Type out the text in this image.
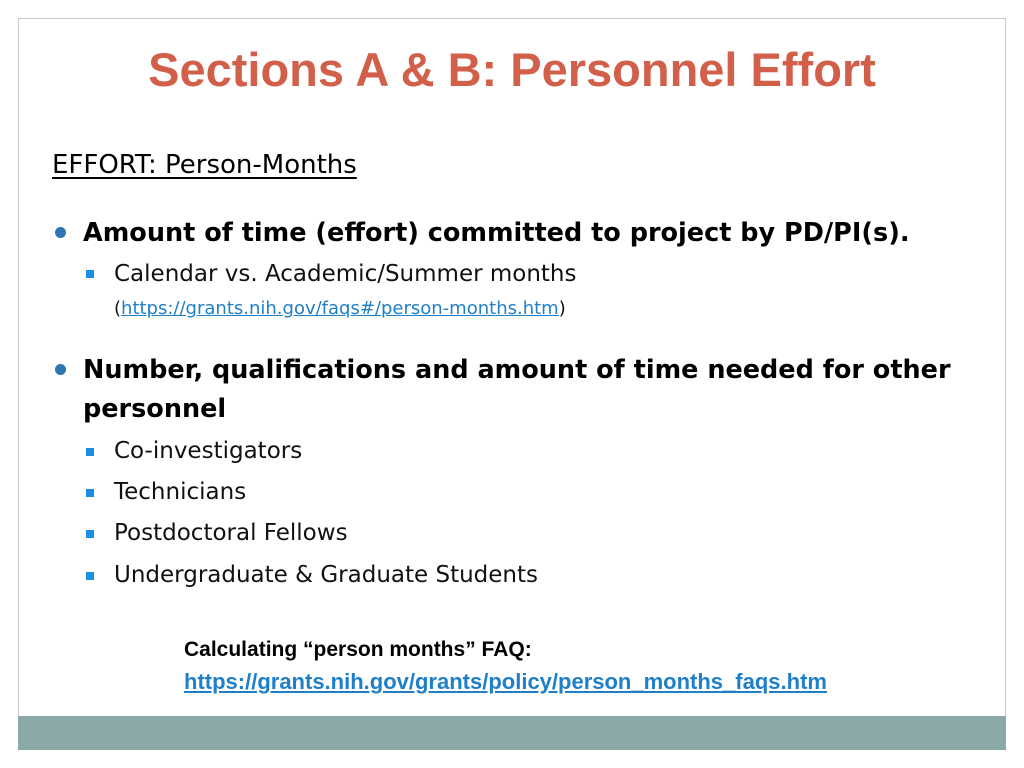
Sections A & B: Personnel Effort
EFFORT: Person-Months
Amount of time (effort) committed to project by PD/PI(s).
Calendar vs. Academic/Summer months
(https://grants.nih.gov/faqs#/person-months.htm)
Number, qualifications and amount of time needed for other
personnel
Co-investigators
Technicians
Postdoctoral Fellows
Undergraduate & Graduate Students
Calculating “person months” FAQ:
https://grants.nih.gov/grants/policy/person_months_faqs.htm
